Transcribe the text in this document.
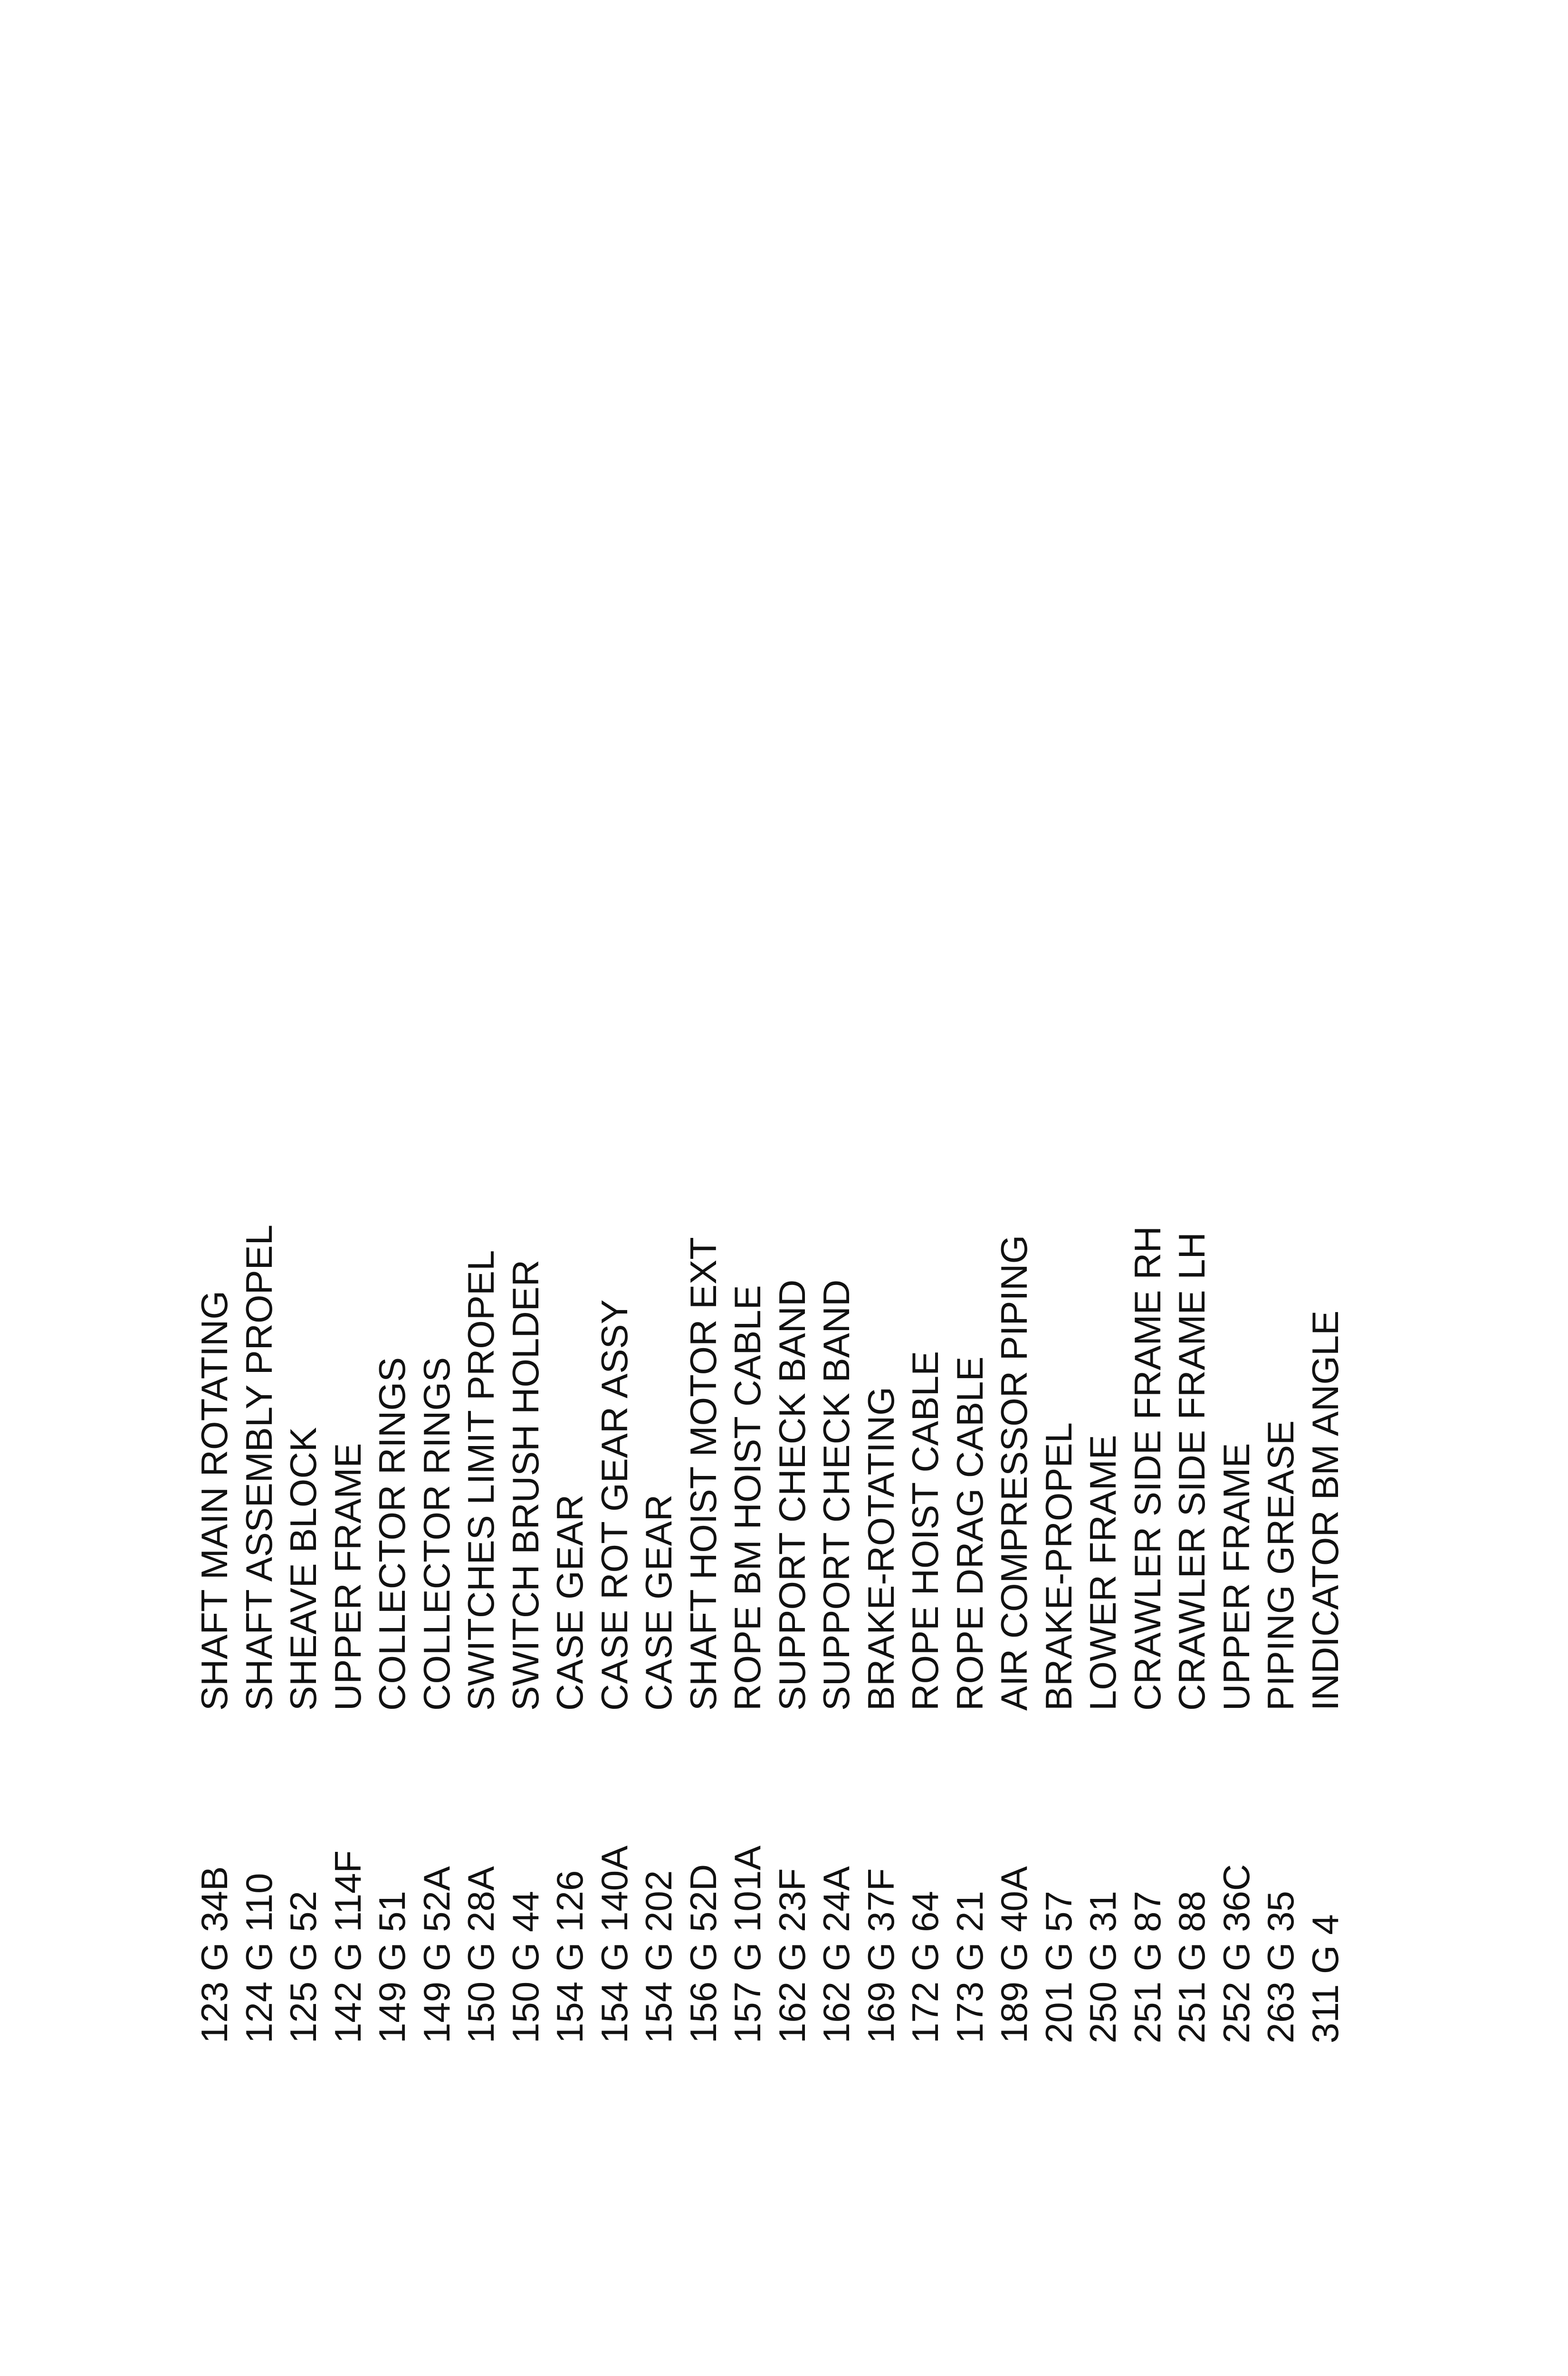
123 G 34B
SHAFT MAIN ROTATING
124 G 110
SHAFT ASSEMBLY PROPEL
125 G 52
SHEAVE BLOCK
142 G 114F
UPPER FRAME
149 G 51
COLLECTOR RINGS
149 G 52A
COLLECTOR RINGS
150 G 28A
SWITCHES LIMIT PROPEL
150 G 44
SWITCH BRUSH HOLDER
154 G 126
CASE GEAR
154 G 140A
CASE ROT GEAR ASSY
154 G 202
CASE GEAR
156 G 52D
SHAFT HOIST MOTOR EXT
157 G 101A
ROPE BM HOIST CABLE
162 G 23F
SUPPORT CHECK BAND
162 G 24A
SUPPORT CHECK BAND
169 G 37F
BRAKE-ROTATING
172 G 64
ROPE HOIST CABLE
173 G 21
ROPE DRAG CABLE
189 G 40A
AIR COMPRESSOR PIPING
201 G 57
BRAKE-PROPEL
250 G 31
LOWER FRAME
251 G 87
CRAWLER SIDE FRAME RH
251 G 88
CRAWLER SIDE FRAME LH
252 G 36C
UPPER FRAME
263 G 35
PIPING GREASE
311 G 4
INDICATOR BM ANGLE
